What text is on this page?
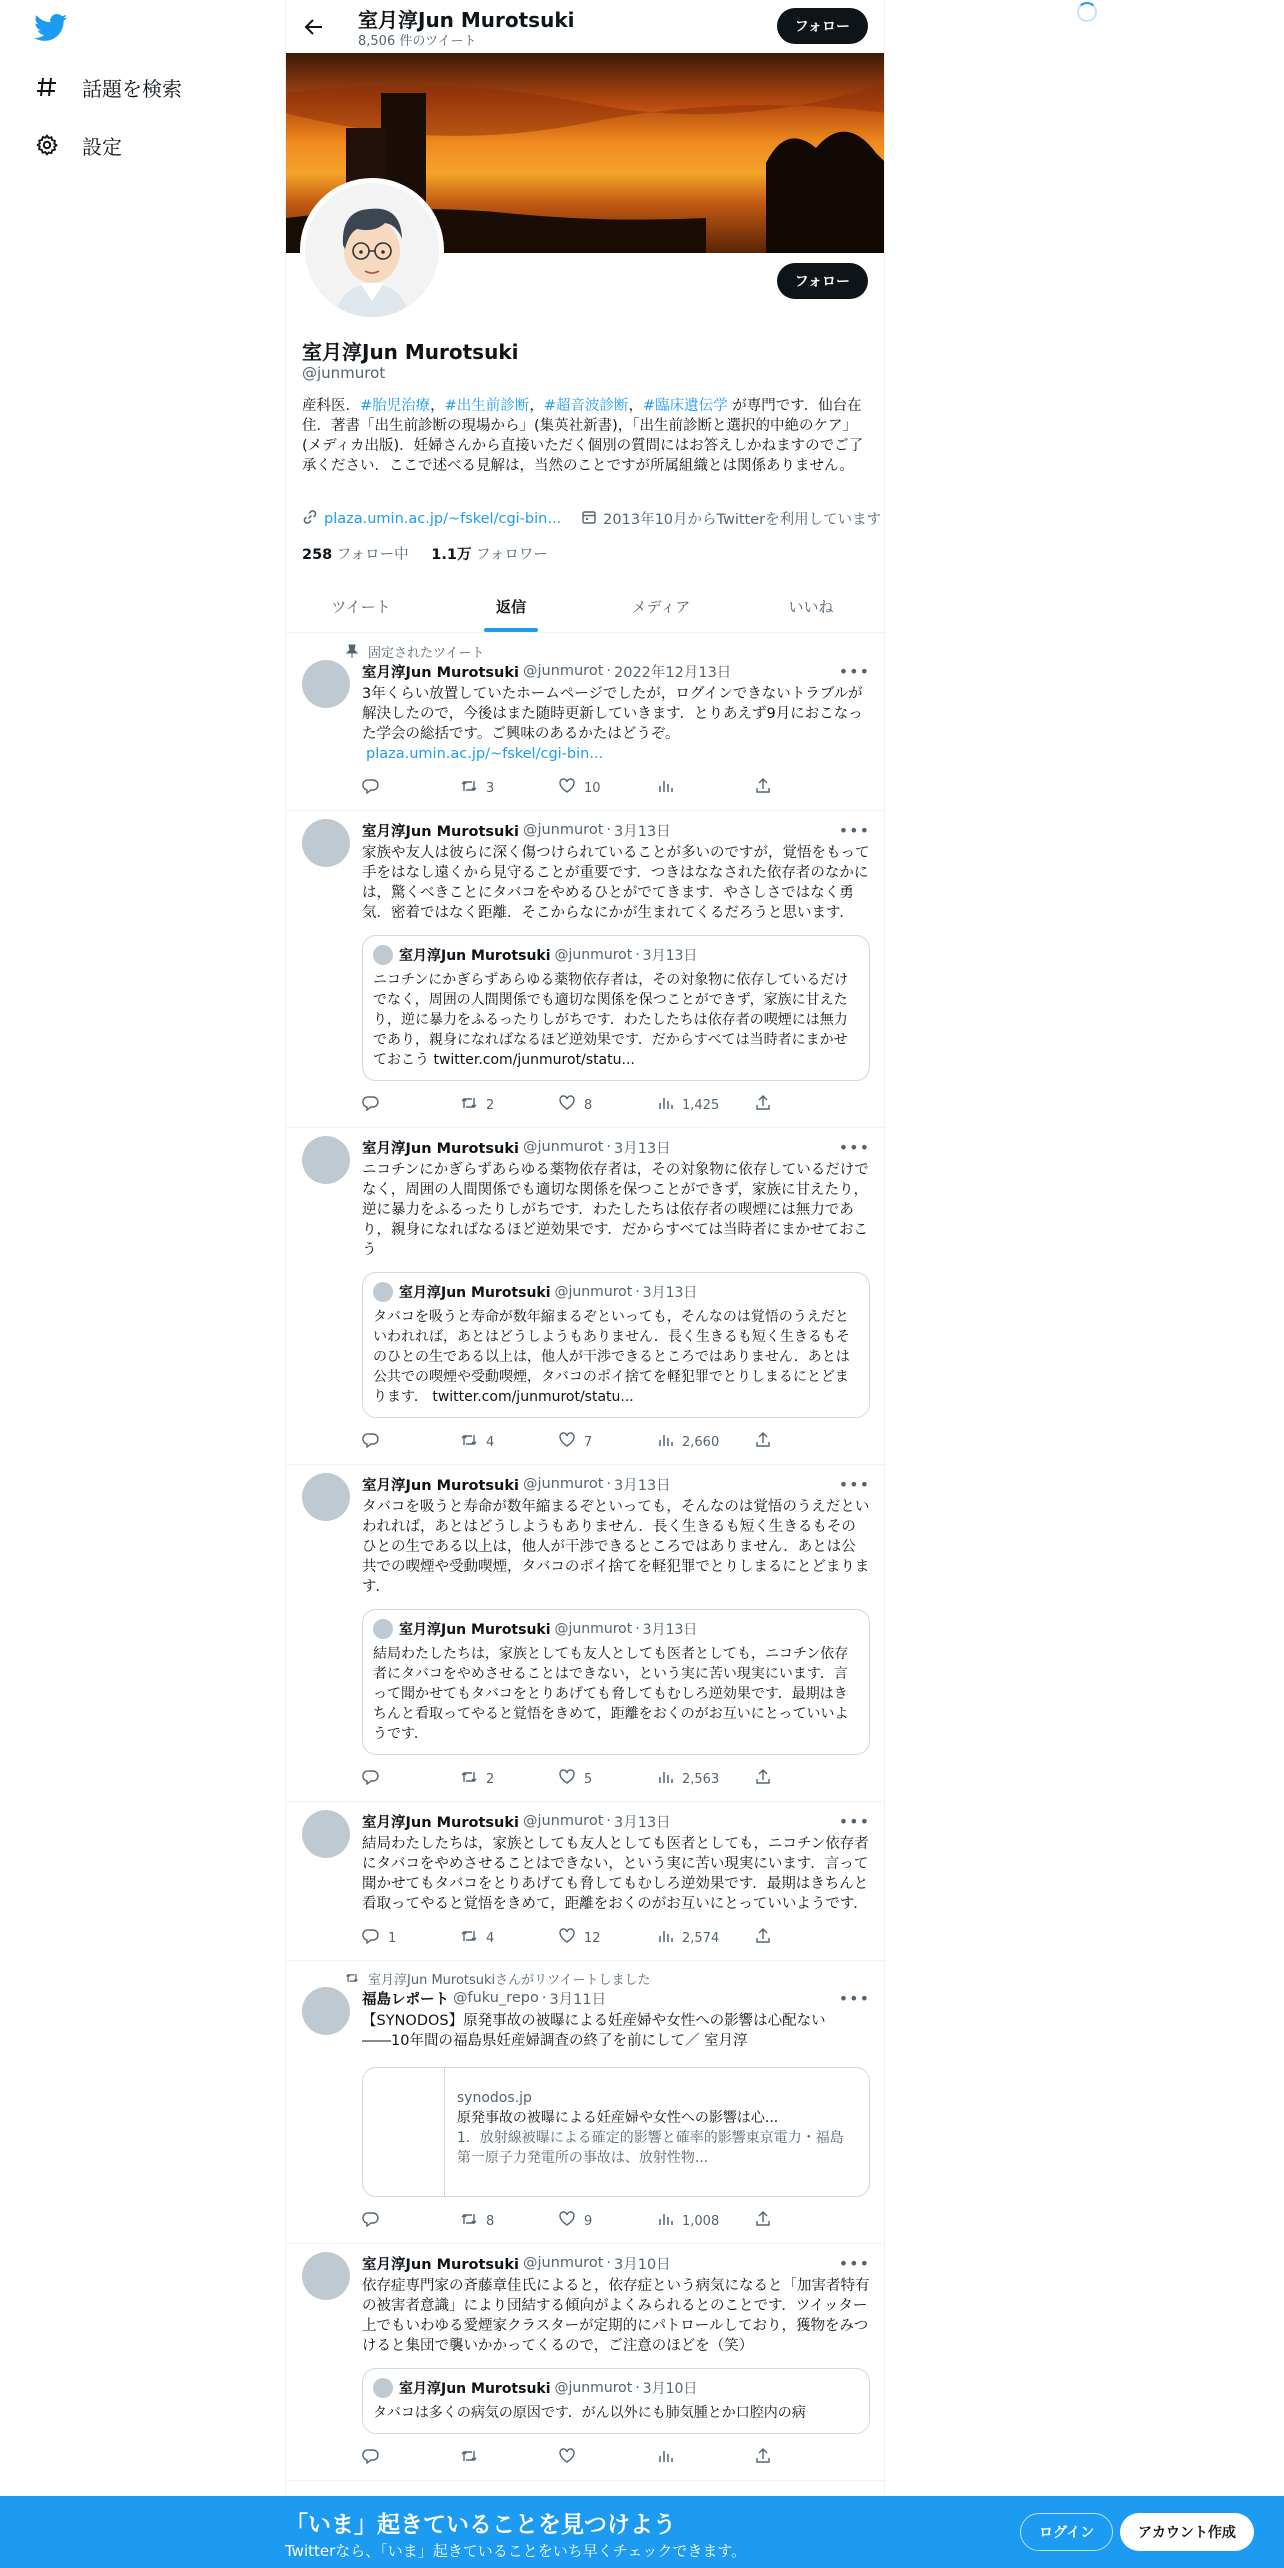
話題を検索
設定
室月淳Jun Murotsuki
8,506 件のツイート
フォロー
フォロー
室月淳Jun Murotsuki
@junmurot
産科医．#胎児治療，#出生前診断，#超音波診断，#臨床遺伝学 が専門です．仙台在住．著書「出生前診断の現場から」(集英社新書)，「出生前診断と選択的中絶のケア」(メディカ出版)．妊婦さんから直接いただく個別の質問にはお答えしかねますのでご了承ください．ここで述べる見解は，当然のことですが所属組織とは関係ありません。
plaza.umin.ac.jp/~fskel/cgi-bin...	2013年10月からTwitterを利用しています
258 フォロー中 1.1万 フォロワー
ツイート	返信	メディア	いいね
固定されたツイート
室月淳Jun Murotsuki @junmurot · 2022年12月13日	•••
3年くらい放置していたホームページでしたが，ログインできないトラブルが解決したので，今後はまた随時更新していきます．とりあえず9月におこなった学会の総括です。ご興味のあるかたはどうぞ。
plaza.umin.ac.jp/~fskel/cgi-bin...
3	10
室月淳Jun Murotsuki @junmurot · 3月13日	•••
家族や友人は彼らに深く傷つけられていることが多いのですが，覚悟をもって手をはなし遠くから見守ることが重要です．つきはななされた依存者のなかには，驚くべきことにタバコをやめるひとがでてきます．やさしさではなく勇気．密着ではなく距離．そこからなにかが生まれてくるだろうと思います．
室月淳Jun Murotsuki @junmurot · 3月13日
ニコチンにかぎらずあらゆる薬物依存者は，その対象物に依存しているだけでなく，周囲の人間関係でも適切な関係を保つことができず，家族に甘えたり，逆に暴力をふるったりしがちです．わたしたちは依存者の喫煙には無力であり，親身になればなるほど逆効果です．だからすべては当時者にまかせておこう twitter.com/junmurot/statu...
2	8	1,425
室月淳Jun Murotsuki @junmurot · 3月13日	•••
ニコチンにかぎらずあらゆる薬物依存者は，その対象物に依存しているだけでなく，周囲の人間関係でも適切な関係を保つことができず，家族に甘えたり，逆に暴力をふるったりしがちです．わたしたちは依存者の喫煙には無力であり，親身になればなるほど逆効果です．だからすべては当時者にまかせておこう
室月淳Jun Murotsuki @junmurot · 3月13日
タバコを吸うと寿命が数年縮まるぞといっても，そんなのは覚悟のうえだといわれれば，あとはどうしようもありません．長く生きるも短く生きるもそのひとの生である以上は，他人が干渉できるところではありません．あとは公共での喫煙や受動喫煙，タバコのポイ捨てを軽犯罪でとりしまるにとどまります． twitter.com/junmurot/statu...
4	7	2,660
室月淳Jun Murotsuki @junmurot · 3月13日	•••
タバコを吸うと寿命が数年縮まるぞといっても，そんなのは覚悟のうえだといわれれば，あとはどうしようもありません．長く生きるも短く生きるもそのひとの生である以上は，他人が干渉できるところではありません．あとは公共での喫煙や受動喫煙，タバコのポイ捨てを軽犯罪でとりしまるにとどまります．
室月淳Jun Murotsuki @junmurot · 3月13日
結局わたしたちは，家族としても友人としても医者としても，ニコチン依存者にタバコをやめさせることはできない，という実に苦い現実にいます．言って聞かせてもタバコをとりあげても脅してもむしろ逆効果です．最期はきちんと看取ってやると覚悟をきめて，距離をおくのがお互いにとっていいようです．
2	5	2,563
室月淳Jun Murotsuki @junmurot · 3月13日	•••
結局わたしたちは，家族としても友人としても医者としても，ニコチン依存者にタバコをやめさせることはできない，という実に苦い現実にいます．言って聞かせてもタバコをとりあげても脅してもむしろ逆効果です．最期はきちんと看取ってやると覚悟をきめて，距離をおくのがお互いにとっていいようです．
1	4	12	2,574
室月淳Jun Murotsukiさんがリツイートしました
福島レポート @fuku_repo · 3月11日	•••
【SYNODOS】原発事故の被曝による妊産婦や女性への影響は心配ない――10年間の福島県妊産婦調査の終了を前にして／ 室月淳
synodos.jp
原発事故の被曝による妊産婦や女性への影響は心...
1．放射線被曝による確定的影響と確率的影響東京電力・福島第一原子力発電所の事故は、放射性物...
8	9	1,008
室月淳Jun Murotsuki @junmurot · 3月10日	•••
依存症専門家の斉藤章佳氏によると，依存症という病気になると「加害者特有の被害者意識」により団結する傾向がよくみられるとのことです．ツイッター上でもいわゆる愛煙家クラスターが定期的にパトロールしており，獲物をみつけると集団で襲いかかってくるので，ご注意のほどを（笑）
室月淳Jun Murotsuki @junmurot · 3月10日
タバコは多くの病気の原因です．がん以外にも肺気腫とか口腔内の病
「いま」起きていることを見つけよう
Twitterなら、「いま」起きていることをいち早くチェックできます。
ログイン	アカウント作成
